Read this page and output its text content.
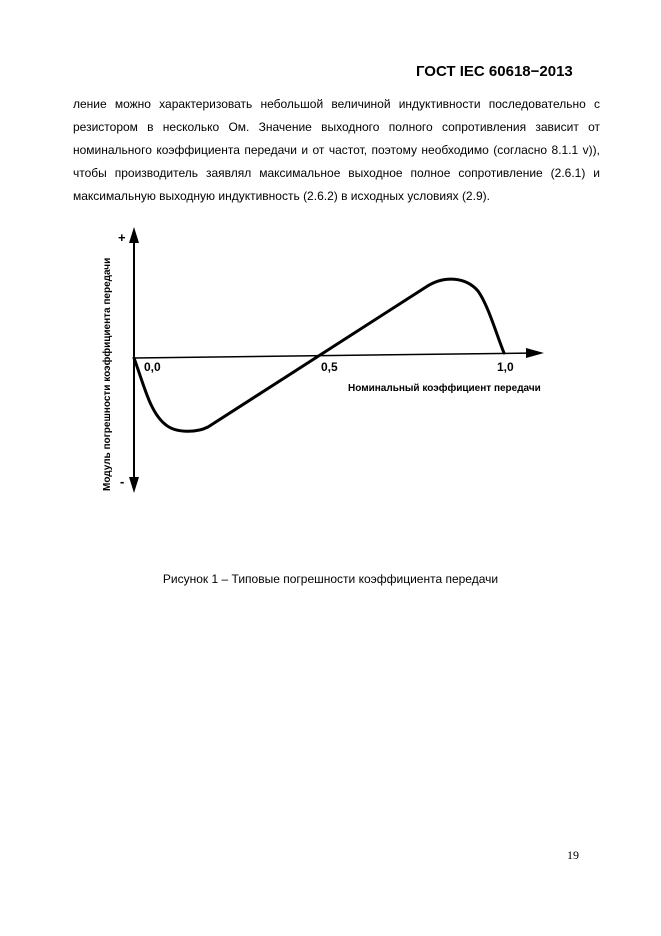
ГОСТ IEC 60618−2013
ление можно характеризовать небольшой величиной индуктивности последовательно с резистором в несколько Ом. Значение выходного полного сопротивления зависит от номинального коэффициента передачи и от частот, поэтому необходимо (согласно 8.1.1 v)), чтобы производитель заявлял максимальное выходное полное сопротивление (2.6.1) и максимальную выходную индуктивность (2.6.2) в исходных условиях (2.9).
+
-
0,0	0,5	1,0
Номинальный коэффициент передачи
Модуль погрешности коэффициента передачи
Рисунок 1 – Типовые погрешности коэффициента передачи
19
